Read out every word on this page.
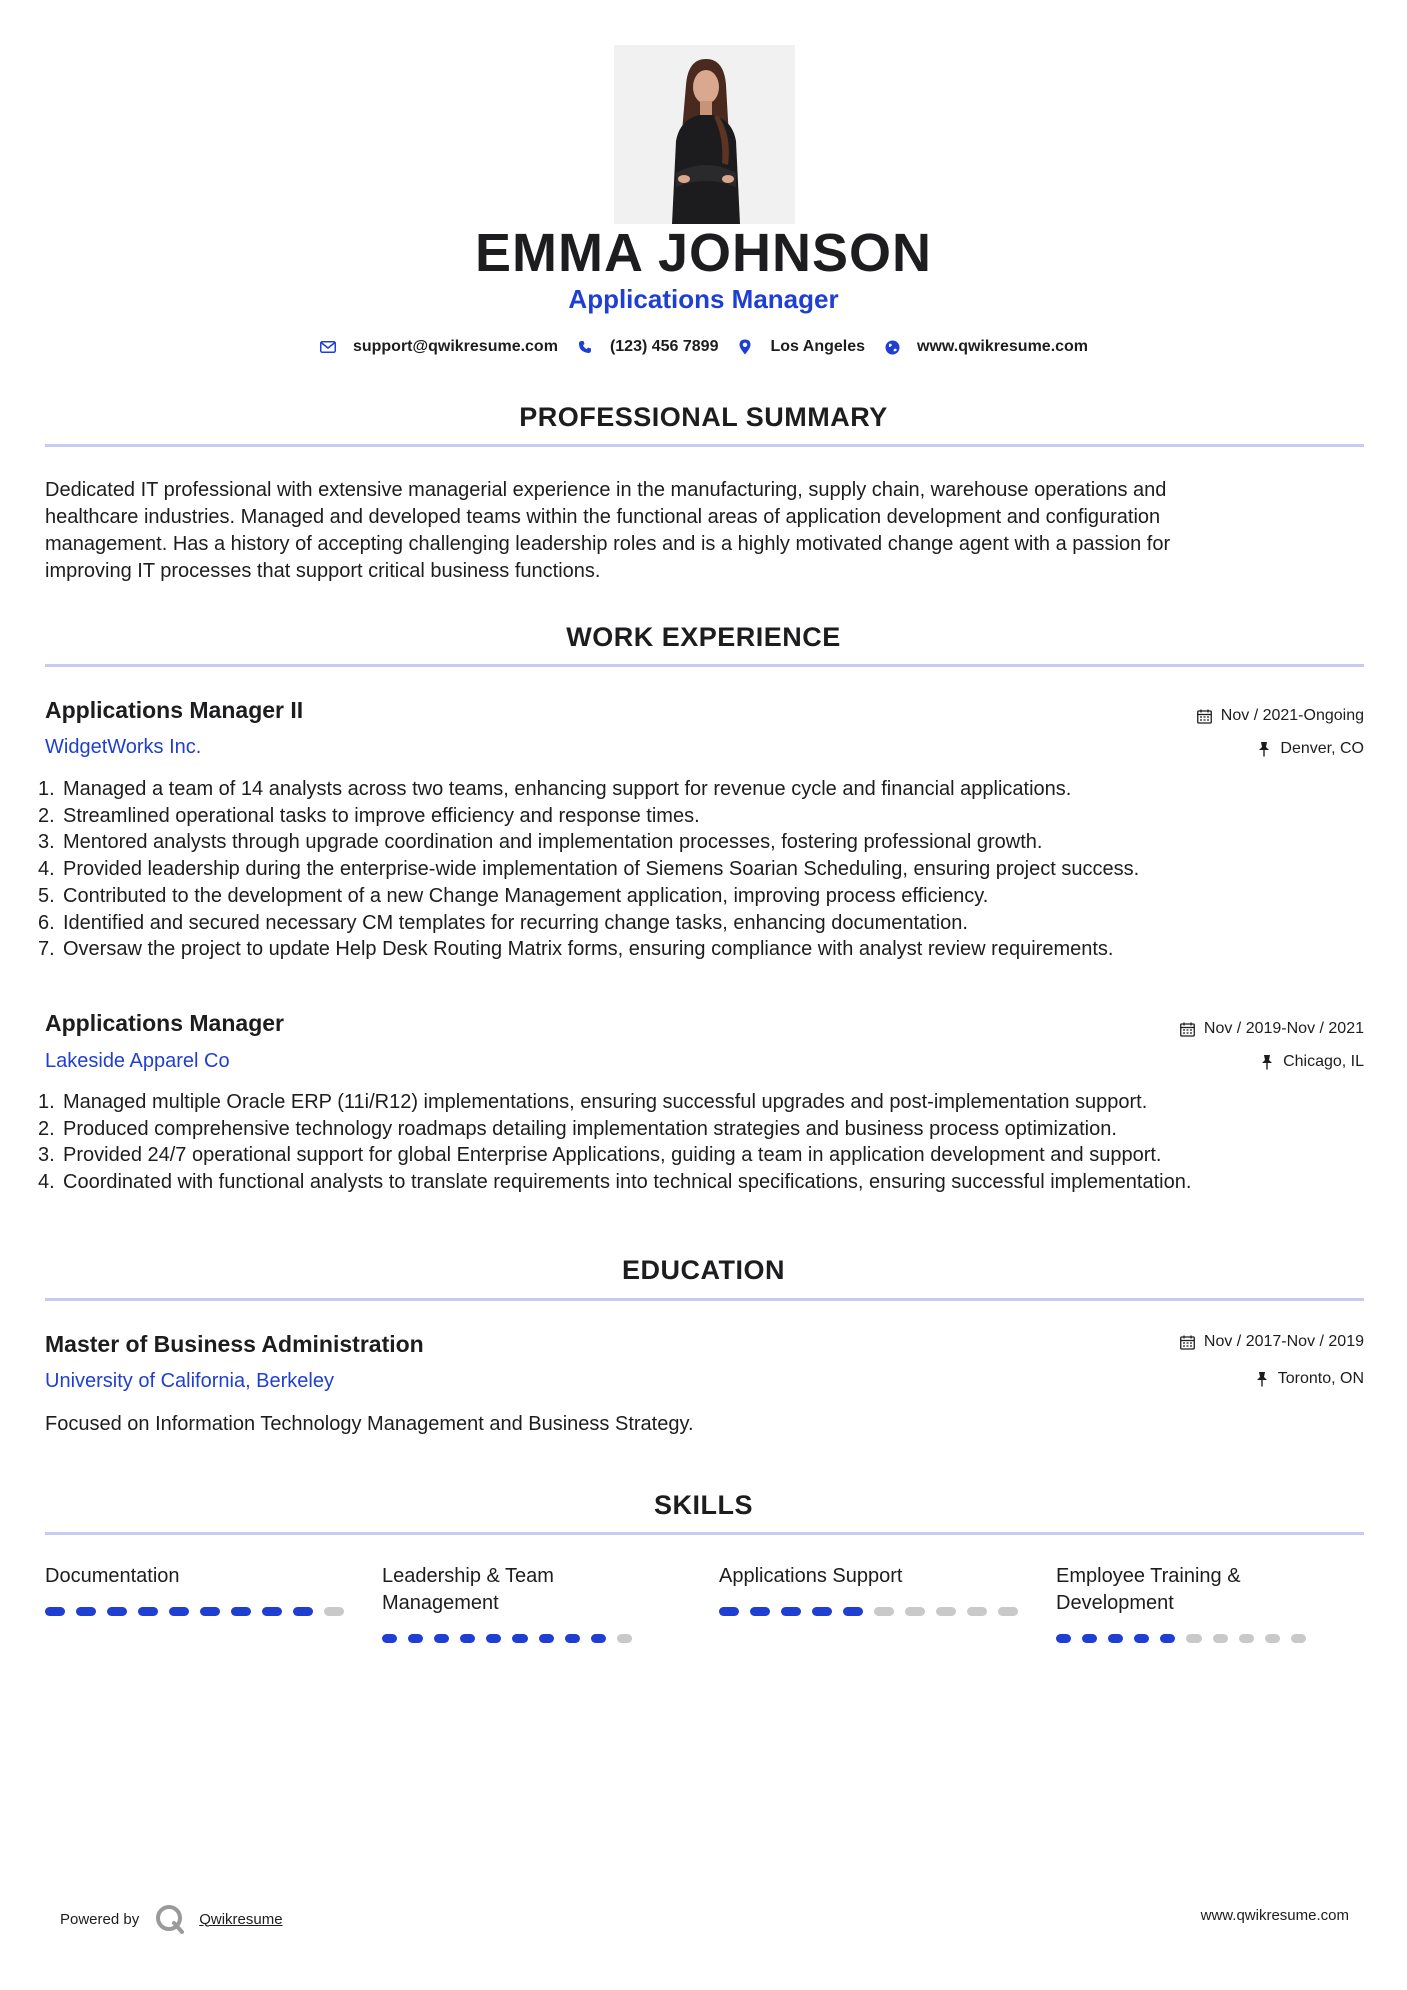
EMMA JOHNSON
Applications Manager
support@qwikresume.com	(123) 456 7899	Los Angeles	www.qwikresume.com
PROFESSIONAL SUMMARY
Dedicated IT professional with extensive managerial experience in the manufacturing, supply chain, warehouse operations and
healthcare industries. Managed and developed teams within the functional areas of application development and configuration
management. Has a history of accepting challenging leadership roles and is a highly motivated change agent with a passion for
improving IT processes that support critical business functions.
WORK EXPERIENCE
Applications Manager II
WidgetWorks Inc.
Nov / 2021-Ongoing
Denver, CO
1. Managed a team of 14 analysts across two teams, enhancing support for revenue cycle and financial applications.
2. Streamlined operational tasks to improve efficiency and response times.
3. Mentored analysts through upgrade coordination and implementation processes, fostering professional growth.
4. Provided leadership during the enterprise-wide implementation of Siemens Soarian Scheduling, ensuring project success.
5. Contributed to the development of a new Change Management application, improving process efficiency.
6. Identified and secured necessary CM templates for recurring change tasks, enhancing documentation.
7. Oversaw the project to update Help Desk Routing Matrix forms, ensuring compliance with analyst review requirements.
Applications Manager
Lakeside Apparel Co
Nov / 2019-Nov / 2021
Chicago, IL
1. Managed multiple Oracle ERP (11i/R12) implementations, ensuring successful upgrades and post-implementation support.
2. Produced comprehensive technology roadmaps detailing implementation strategies and business process optimization.
3. Provided 24/7 operational support for global Enterprise Applications, guiding a team in application development and support.
4. Coordinated with functional analysts to translate requirements into technical specifications, ensuring successful implementation.
EDUCATION
Master of Business Administration
University of California, Berkeley
Nov / 2017-Nov / 2019
Toronto, ON
Focused on Information Technology Management and Business Strategy.
SKILLS
Documentation	Leadership & Team Management
Applications Support	Employee Training & Development
Powered by	Qwikresume	www.qwikresume.com
